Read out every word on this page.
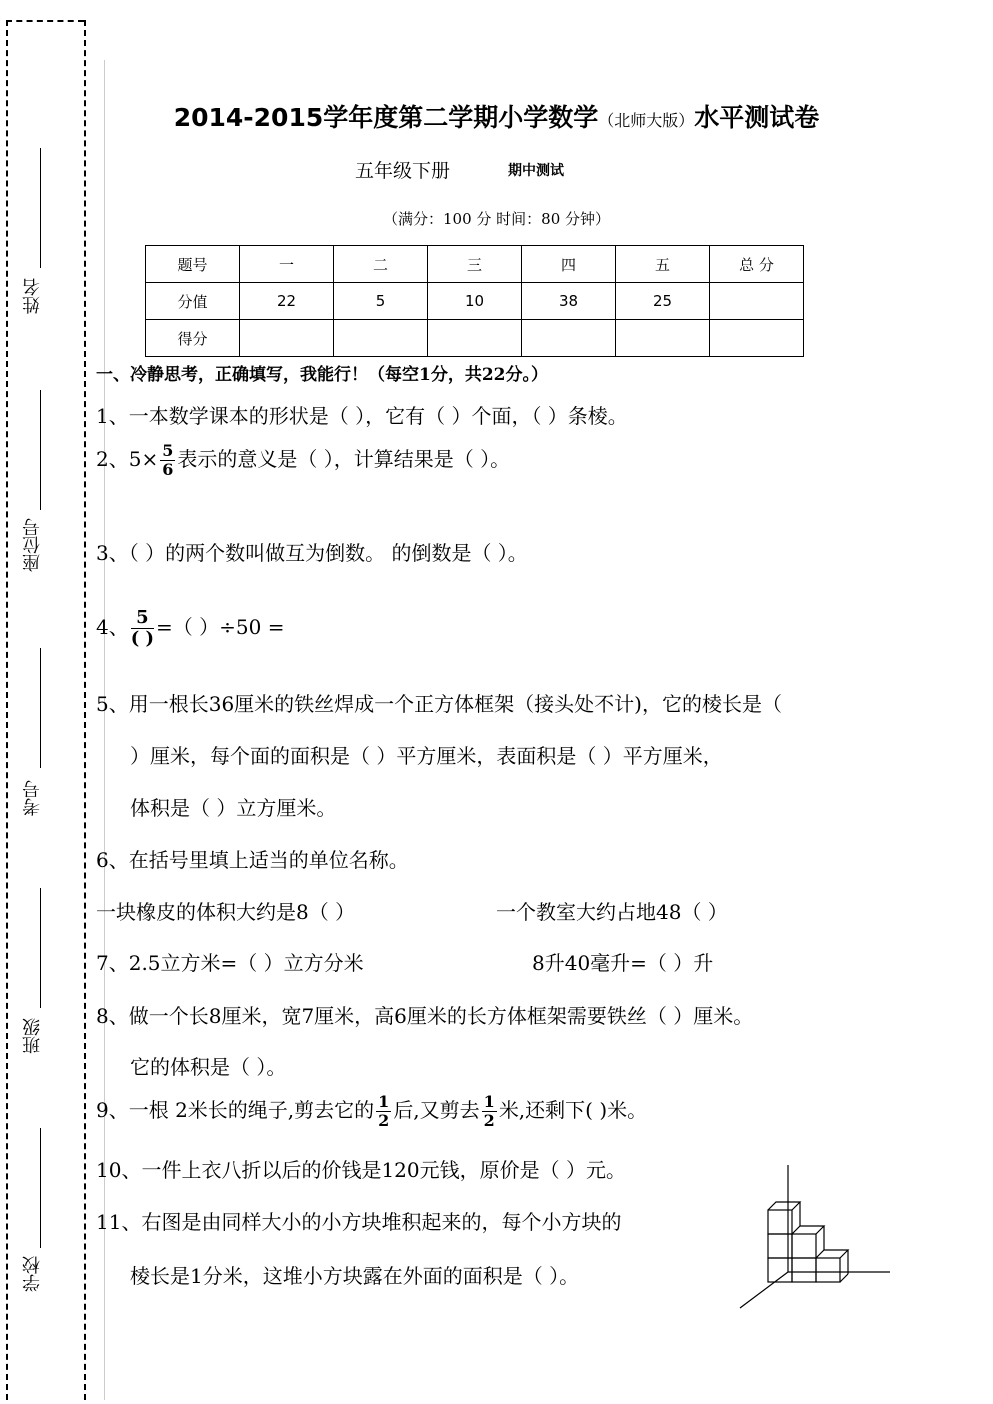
姓名
座位号
考号
班级
学校
2014-2015学年度第二学期小学数学（北师大版）水平测试卷
五年级下册	期中测试
（满分：100 分 时间：80 分钟）
题号	一	二	三	四	五	总 分
分值	22	5	10	38	25	
得分						
一、冷静思考，正确填写，我能行！（每空1分，共22分。）
1、一本数学课本的形状是（ ），它有（ ）个面，（ ）条棱。
2、$5\times \frac{5}{6}$ 表示的意义是（ ），计算结果是（ ）。
3、（ ）的两个数叫做互为倒数。 的倒数是（ ）。
4、 $\frac{5}{( )}$ =（ ）÷50 =
5、用一根长36厘米的铁丝焊成一个正方体框架（接头处不计)，它的棱长是（
）厘米，每个面的面积是（ ）平方厘米，表面积是（ ）平方厘米，
体积是（ ）立方厘米。
6、在括号里填上适当的单位名称。
一块橡皮的体积大约是8（ ）	一个教室大约占地48（ ）
7、2.5立方米=（ ）立方分米	8升40毫升=（ ）升
8、做一个长8厘米，宽7厘米，高6厘米的长方体框架需要铁丝（ ）厘米。
它的体积是（ ）。
9、一根 2米长的绳子,剪去它的 $\frac{1}{2}$ 后,又剪去 $\frac{1}{2}$ 米,还剩下( )米。
10、一件上衣八折以后的价钱是120元钱，原价是（ ）元。
11、右图是由同样大小的小方块堆积起来的，每个小方块的
棱长是1分米，这堆小方块露在外面的面积是（ ）。
